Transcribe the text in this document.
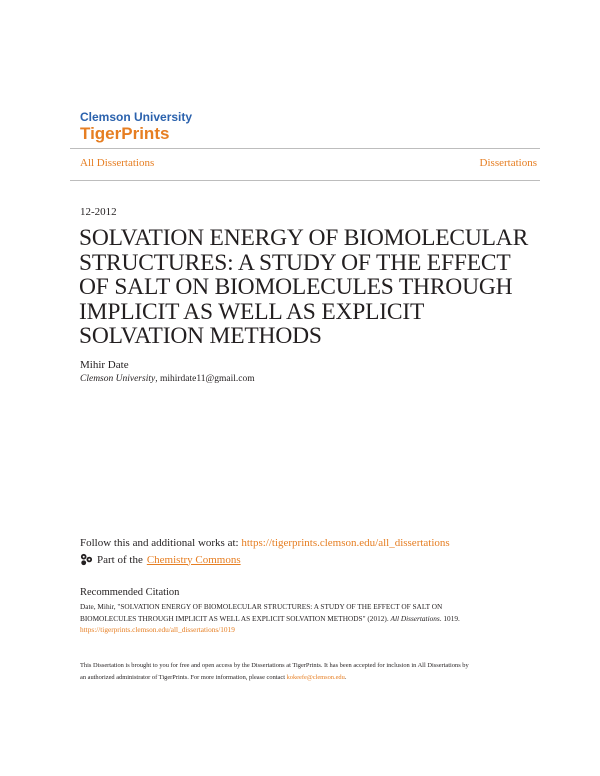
Clemson University
TigerPrints
All Dissertations	Dissertations
12-2012
SOLVATION ENERGY OF BIOMOLECULAR
STRUCTURES: A STUDY OF THE EFFECT
OF SALT ON BIOMOLECULES THROUGH
IMPLICIT AS WELL AS EXPLICIT
SOLVATION METHODS
Mihir Date
Clemson University, mihirdate11@gmail.com
Follow this and additional works at: https://tigerprints.clemson.edu/all_dissertations
Part of the Chemistry Commons
Recommended Citation
Date, Mihir, "SOLVATION ENERGY OF BIOMOLECULAR STRUCTURES: A STUDY OF THE EFFECT OF SALT ON
BIOMOLECULES THROUGH IMPLICIT AS WELL AS EXPLICIT SOLVATION METHODS" (2012). All Dissertations. 1019.
https://tigerprints.clemson.edu/all_dissertations/1019
This Dissertation is brought to you for free and open access by the Dissertations at TigerPrints. It has been accepted for inclusion in All Dissertations by
an authorized administrator of TigerPrints. For more information, please contact kokeefe@clemson.edu.
